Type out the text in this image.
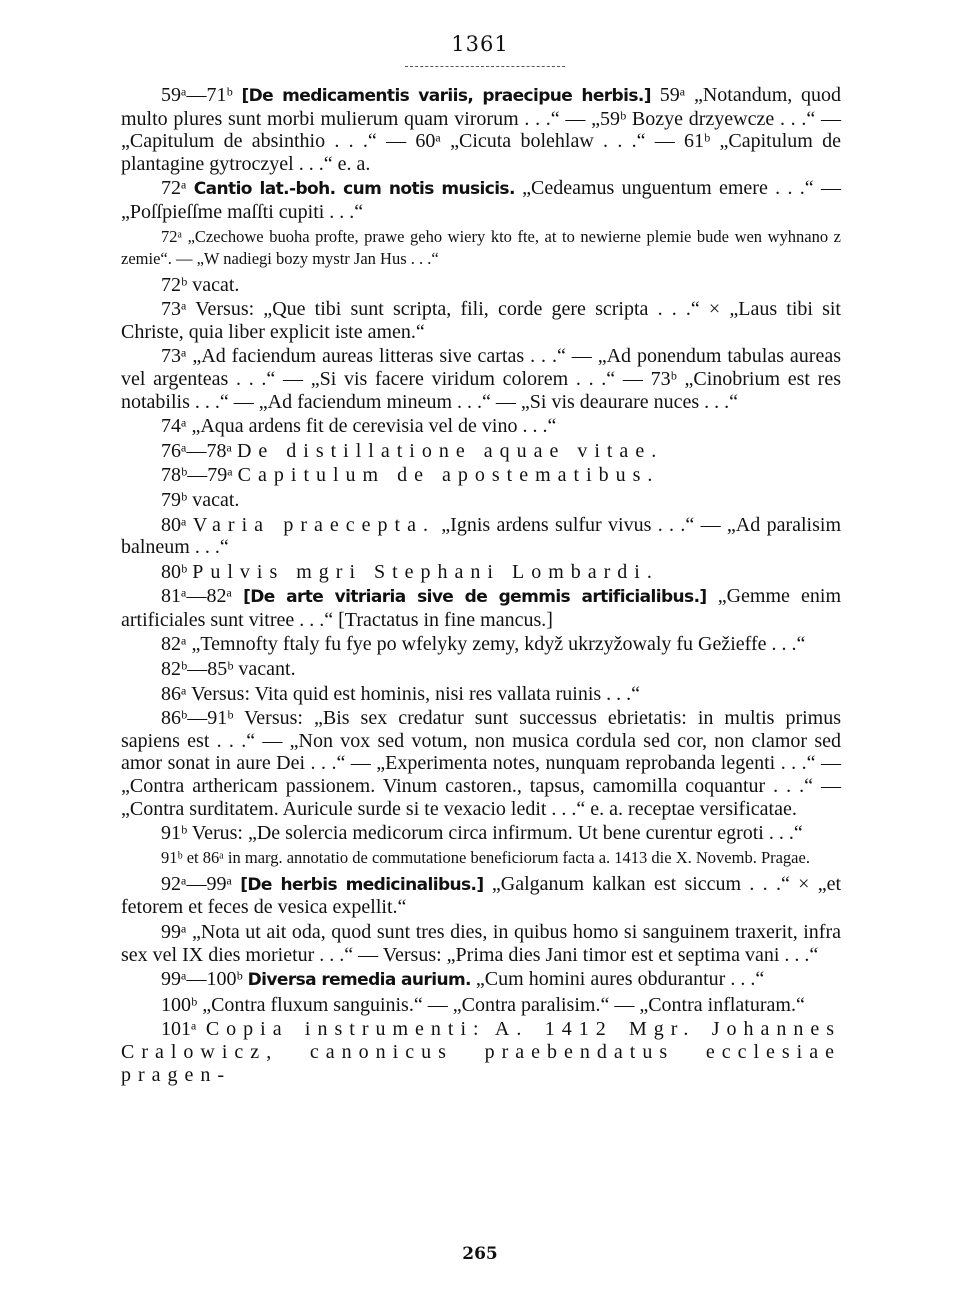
1361

59ᵃ—71ᵇ [De medicamentis variis, praecipue herbis.] 59ᵃ „Notandum, quod multo plures sunt morbi mulierum quam virorum . . .“ — „59ᵇ Bozye drzyewcze . . .“ — „Capitulum de absinthio . . .“ — 60ᵃ „Cicuta bolehlaw . . .“ — 61ᵇ „Capitulum de plantagine gytroczyel . . .“ e. a.

72ᵃ Cantio lat.-boh. cum notis musicis. „Cedeamus unguentum emere . . .“ — „Poſſpieſſme maſſti cupiti . . .“

72ᵃ „Czechowe buoha profte, prawe geho wiery kto fte, at to newierne plemie bude wen wyhnano z zemie“. — „W nadiegi bozy mystr Jan Hus . . .“

72ᵇ vacat.

73ᵃ Versus: „Que tibi sunt scripta, fili, corde gere scripta . . .“ × „Laus tibi sit Christe, quia liber explicit iste amen.“

73ᵃ „Ad faciendum aureas litteras sive cartas . . .“ — „Ad ponendum tabulas aureas vel argenteas . . .“ — „Si vis facere viridum colorem . . .“ — 73ᵇ „Cinobrium est res notabilis . . .“ — „Ad faciendum mineum . . .“ — „Si vis deaurare nuces . . .“

74ᵃ „Aqua ardens fit de cerevisia vel de vino . . .“

76ᵃ—78ᵃ De distillatione aquae vitae.

78ᵇ—79ᵃ Capitulum de apostematibus.

79ᵇ vacat.

80ᵃ Varia praecepta. „Ignis ardens sulfur vivus . . .“ — „Ad paralisim balneum . . .“

80ᵇ Pulvis mgri Stephani Lombardi.

81ᵃ—82ᵃ [De arte vitriaria sive de gemmis artificialibus.] „Gemme enim artificiales sunt vitree . . .“ [Tractatus in fine mancus.]

82ᵃ „Temnofty ftaly fu fye po wfelyky zemy, když ukrzyžowaly fu Gežieffe . . .“

82ᵇ—85ᵇ vacant.

86ᵃ Versus: Vita quid est hominis, nisi res vallata ruinis . . .“

86ᵇ—91ᵇ Versus: „Bis sex credatur sunt successus ebrietatis: in multis primus sapiens est . . .“ — „Non vox sed votum, non musica cordula sed cor, non clamor sed amor sonat in aure Dei . . .“ — „Experimenta notes, nunquam reprobanda legenti . . .“ — „Contra arthericam passionem. Vinum castoren., tapsus, camomilla coquantur . . .“ — „Contra surditatem. Auricule surde si te vexacio ledit . . .“ e. a. receptae versificatae.

91ᵇ Verus: „De solercia medicorum circa infirmum. Ut bene curentur egroti . . .“

91ᵇ et 86ᵃ in marg. annotatio de commutatione beneficiorum facta a. 1413 die X. Novemb. Pragae.

92ᵃ—99ᵃ [De herbis medicinalibus.] „Galganum kalkan est siccum . . .“ × „et fetorem et feces de vesica expellit.“

99ᵃ „Nota ut ait oda, quod sunt tres dies, in quibus homo si sanguinem traxerit, infra sex vel IX dies morietur . . .“ — Versus: „Prima dies Jani timor est et septima vani . . .“

99ᵃ—100ᵇ Diversa remedia aurium. „Cum homini aures obdurantur . . .“

100ᵇ „Contra fluxum sanguinis.“ — „Contra paralisim.“ — „Contra inflaturam.“

101ᵃ Copia instrumenti: A. 1412 Mgr. Johannes Cralowicz, canonicus praebendatus ecclesiae pragen-

265
